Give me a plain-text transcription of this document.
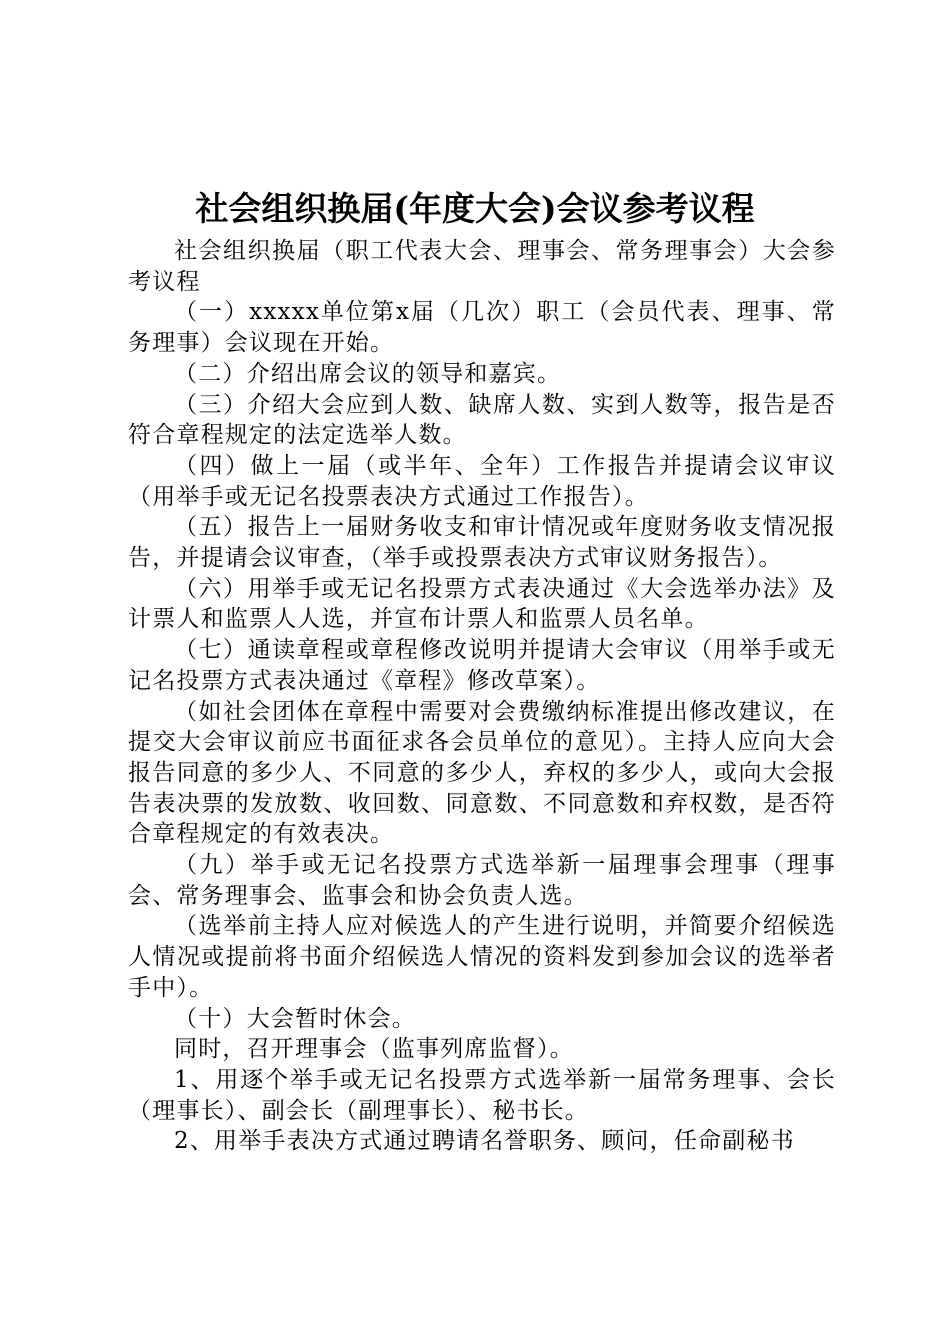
社会组织换届(年度大会)会议参考议程

社会组织换届（职工代表大会、理事会、常务理事会）大会参考议程

（一）xxxxx单位第x届（几次）职工（会员代表、理事、常务理事）会议现在开始。

（二）介绍出席会议的领导和嘉宾。

（三）介绍大会应到人数、缺席人数、实到人数等，报告是否符合章程规定的法定选举人数。

（四）做上一届（或半年、全年）工作报告并提请会议审议（用举手或无记名投票表决方式通过工作报告）。

（五）报告上一届财务收支和审计情况或年度财务收支情况报告，并提请会议审查，（举手或投票表决方式审议财务报告）。

（六）用举手或无记名投票方式表决通过《大会选举办法》及计票人和监票人人选，并宣布计票人和监票人员名单。

（七）通读章程或章程修改说明并提请大会审议（用举手或无记名投票方式表决通过《章程》修改草案）。

（如社会团体在章程中需要对会费缴纳标准提出修改建议，在提交大会审议前应书面征求各会员单位的意见）。主持人应向大会报告同意的多少人、不同意的多少人，弃权的多少人，或向大会报告表决票的发放数、收回数、同意数、不同意数和弃权数，是否符合章程规定的有效表决。

（九）举手或无记名投票方式选举新一届理事会理事（理事会、常务理事会、监事会和协会负责人选。

（选举前主持人应对候选人的产生进行说明，并简要介绍候选人情况或提前将书面介绍候选人情况的资料发到参加会议的选举者手中）。

（十）大会暂时休会。

同时，召开理事会（监事列席监督）。

1、用逐个举手或无记名投票方式选举新一届常务理事、会长（理事长）、副会长（副理事长）、秘书长。

2、用举手表决方式通过聘请名誉职务、顾问，任命副秘书
